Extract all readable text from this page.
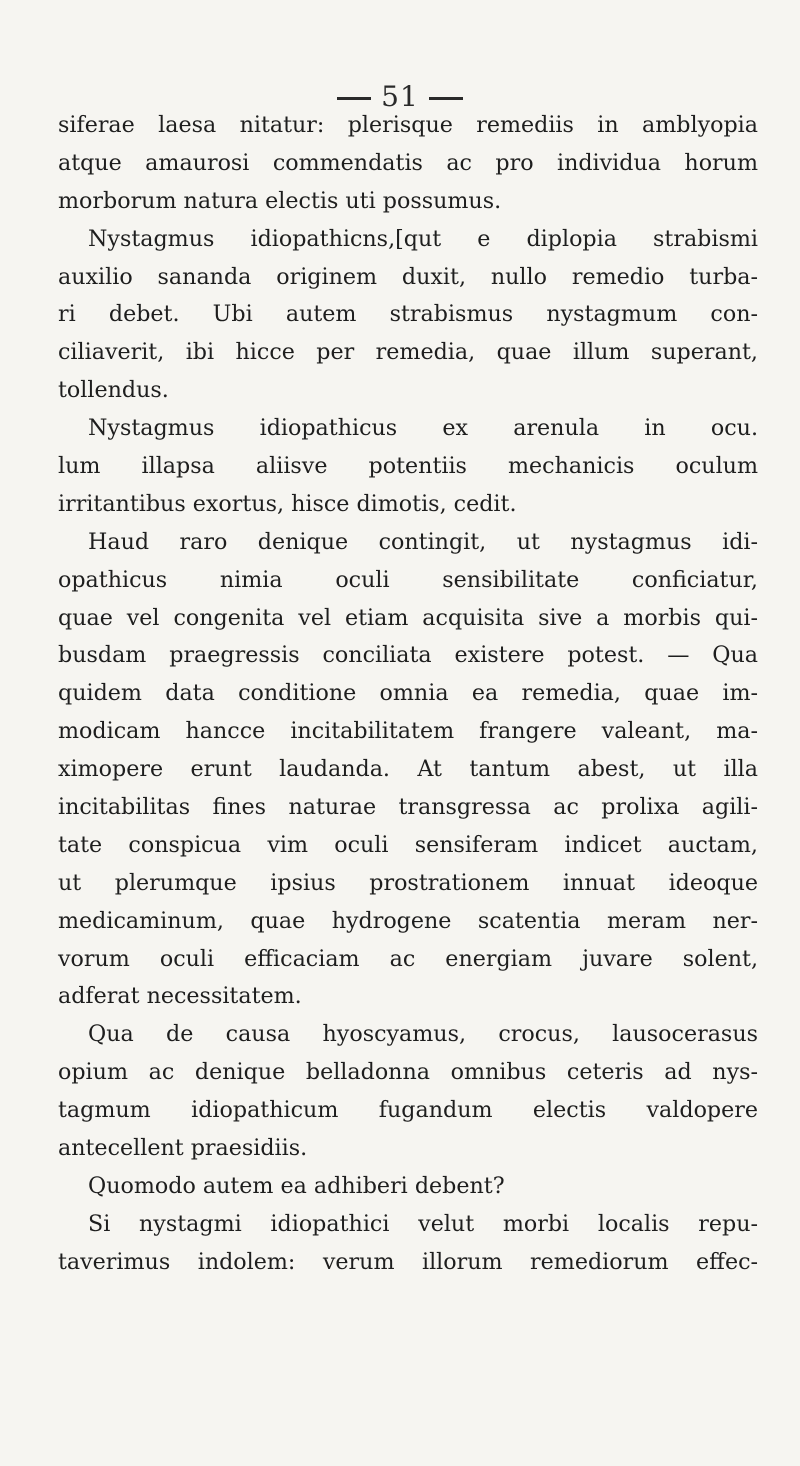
51
siferae laesa nitatur: plerisque remediis in amblyopia
atque amaurosi commendatis ac pro individua horum
morborum natura electis uti possumus.
Nystagmus idiopathicns,[qut e diplopia strabismi
auxilio sananda originem duxit, nullo remedio turba-
ri debet. Ubi autem strabismus nystagmum con-
ciliaverit, ibi hicce per remedia, quae illum superant,
tollendus.
Nystagmus idiopathicus ex arenula in ocu.
lum illapsa aliisve potentiis mechanicis oculum
irritantibus exortus, hisce dimotis, cedit.
Haud raro denique contingit, ut nystagmus idi-
opathicus nimia oculi sensibilitate conficiatur,
quae vel congenita vel etiam acquisita sive a morbis qui-
busdam praegressis conciliata existere potest. — Qua
quidem data conditione omnia ea remedia, quae im-
modicam hancce incitabilitatem frangere valeant, ma-
ximopere erunt laudanda. At tantum abest, ut illa
incitabilitas fines naturae transgressa ac prolixa agili-
tate conspicua vim oculi sensiferam indicet auctam,
ut plerumque ipsius prostrationem innuat ideoque
medicaminum, quae hydrogene scatentia meram ner-
vorum oculi efficaciam ac energiam juvare solent,
adferat necessitatem.
Qua de causa hyoscyamus, crocus, lausocerasus
opium ac denique belladonna omnibus ceteris ad nys-
tagmum idiopathicum fugandum electis valdopere
antecellent praesidiis.
Quomodo autem ea adhiberi debent?
Si nystagmi idiopathici velut morbi localis repu-
taverimus indolem: verum illorum remediorum effec-
